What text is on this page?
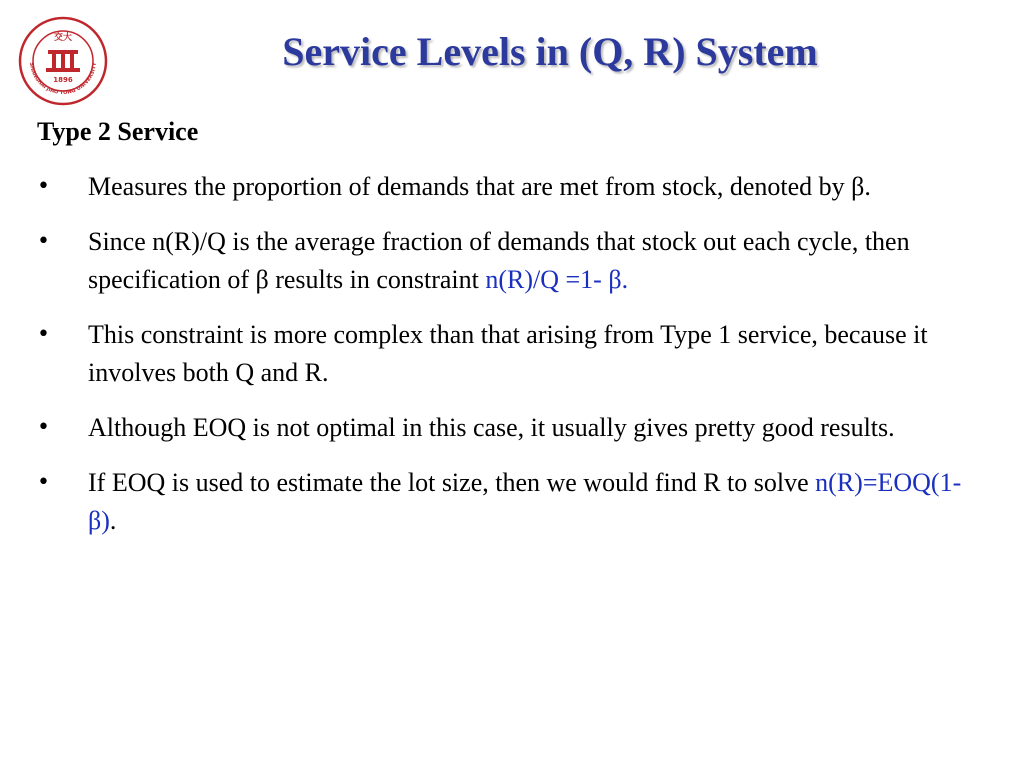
SHANGHAI JIAO TONG UNIVERSITY
交大
1896
Service Levels in (Q, R) System
Type 2 Service
• Measures the proportion of demands that are met from stock, denoted by β.
• Since n(R)/Q is the average fraction of demands that stock out each cycle, then specification of β results in constraint n(R)/Q =1- β.
• This constraint is more complex than that arising from Type 1 service, because it involves both Q and R.
• Although EOQ is not optimal in this case, it usually gives pretty good results.
• If EOQ is used to estimate the lot size, then we would find R to solve n(R)=EOQ(1- β).
